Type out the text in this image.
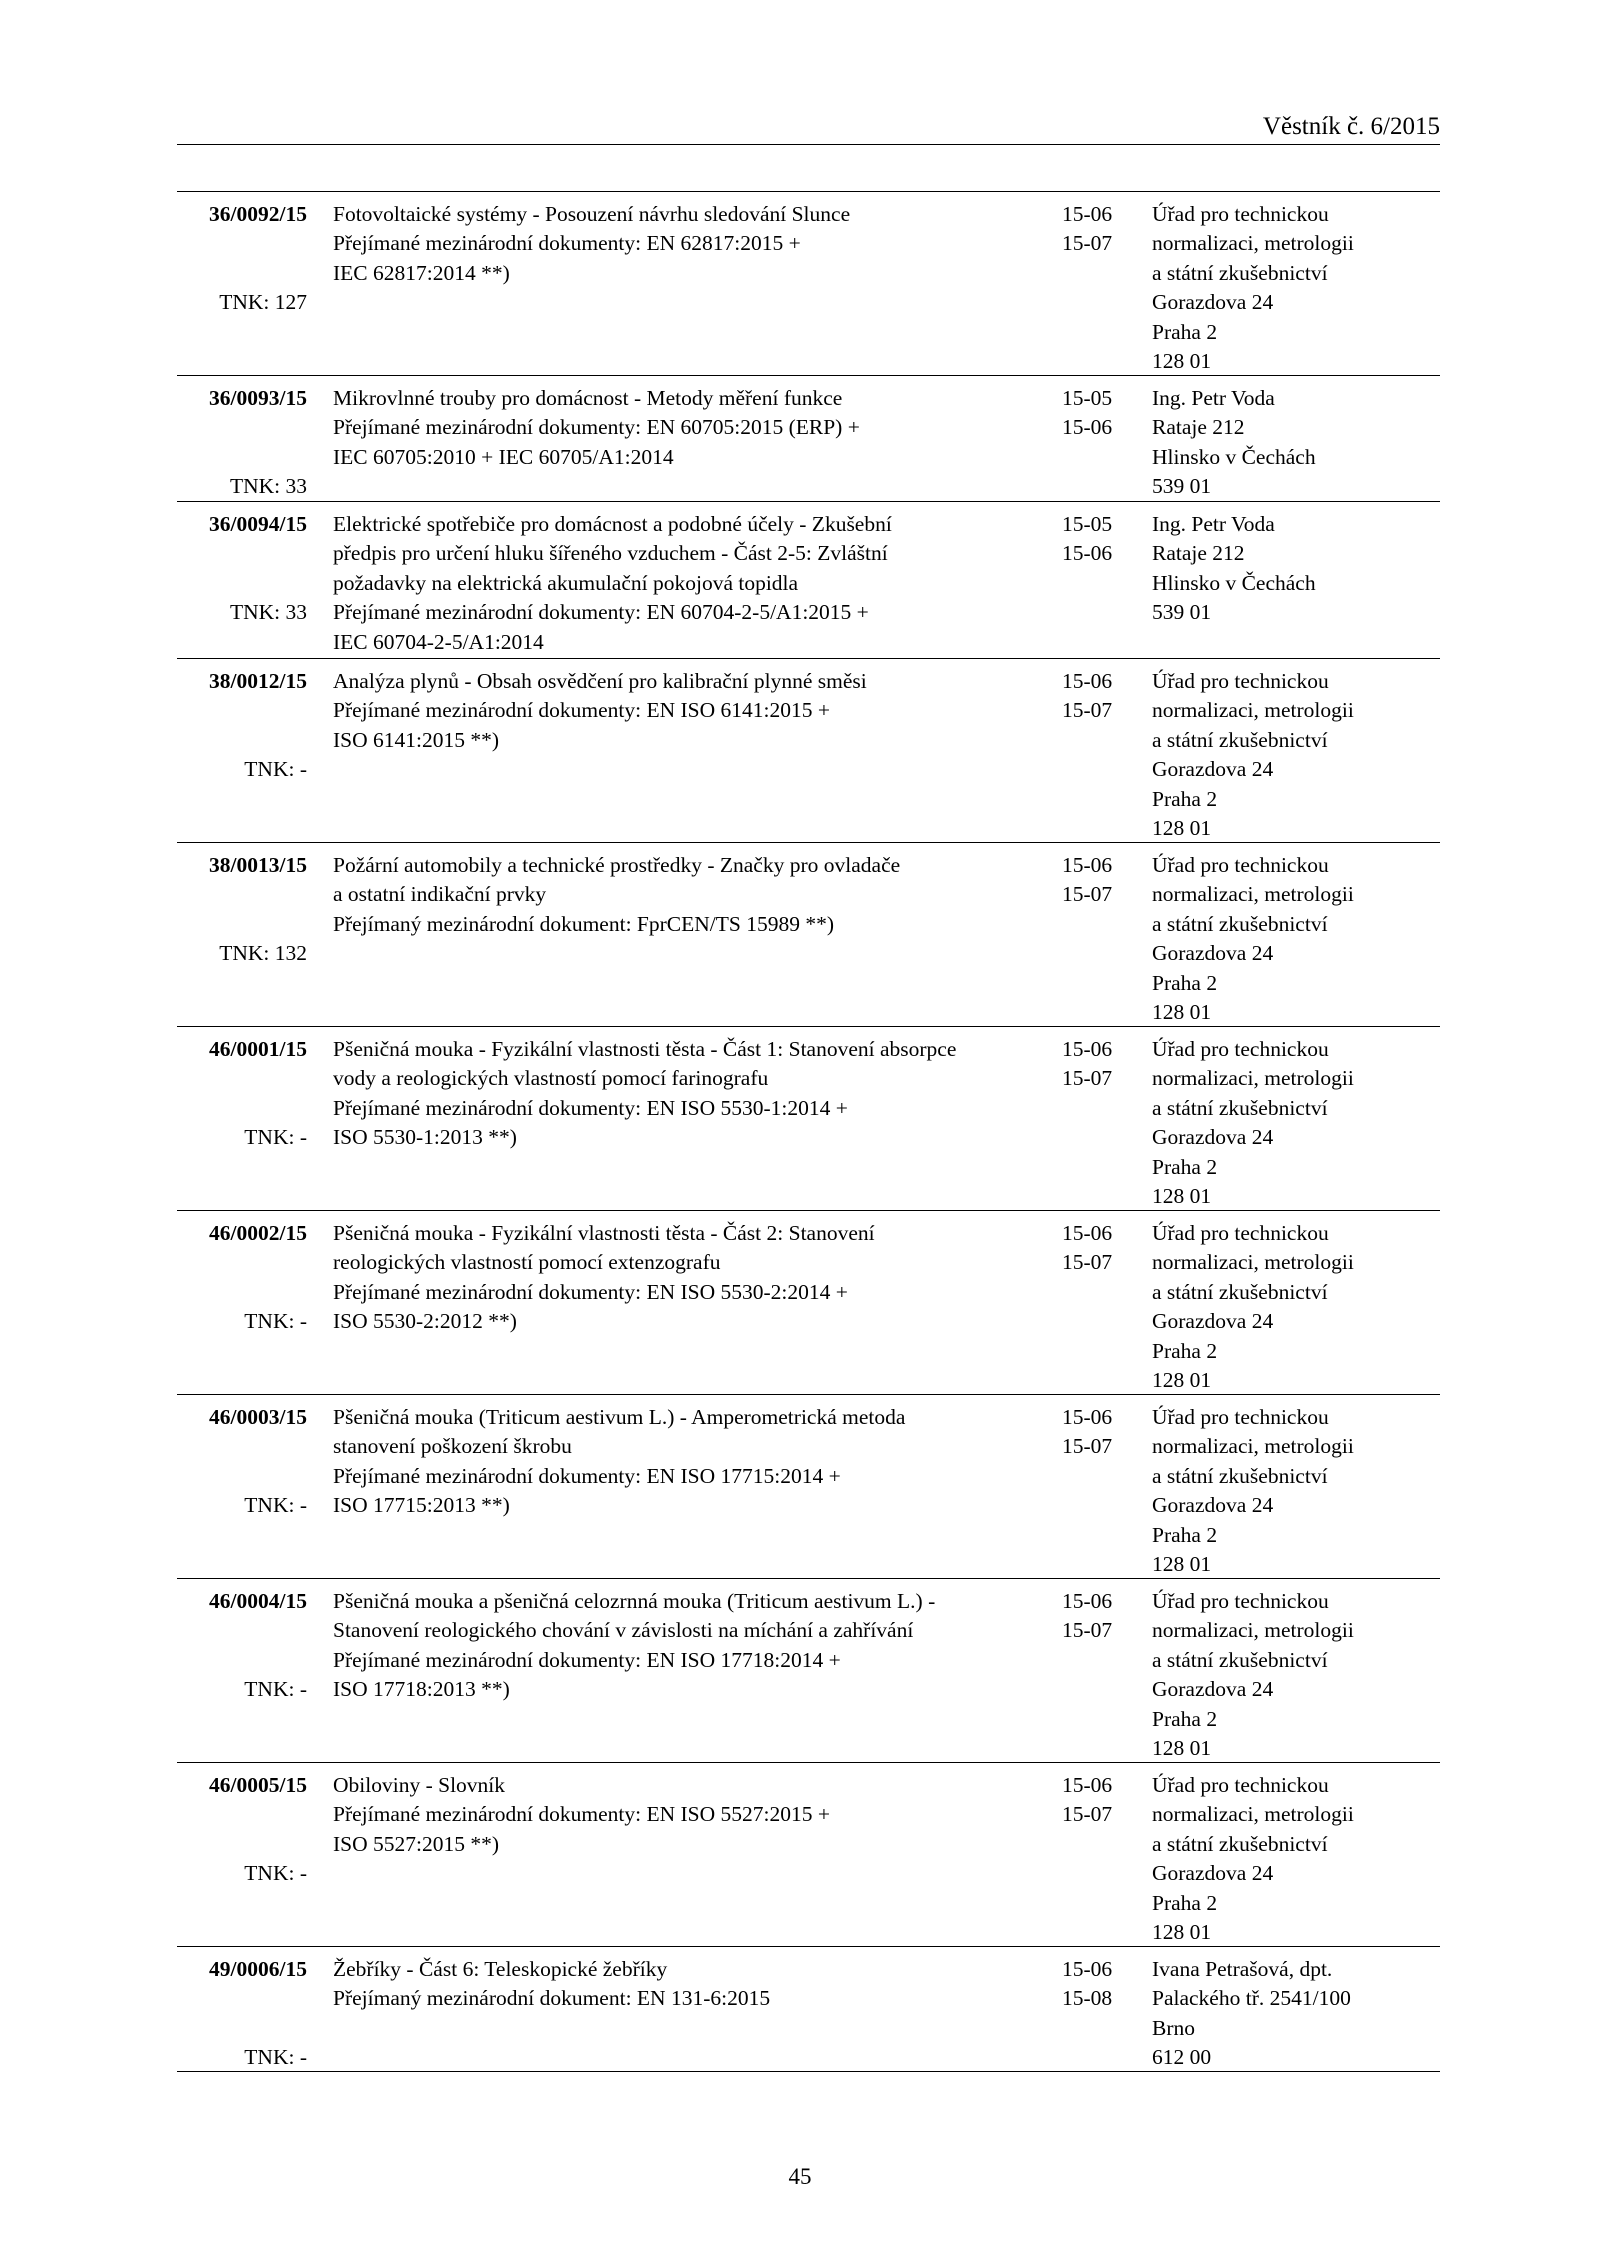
Věstník č. 6/2015
36/0092/15
TNK: 127
Fotovoltaické systémy - Posouzení návrhu sledování Slunce
Přejímané mezinárodní dokumenty: EN 62817:2015 +
IEC 62817:2014 **)
15-06
15-07
Úřad pro technickou
normalizaci, metrologii
a státní zkušebnictví
Gorazdova 24
Praha 2
128 01
36/0093/15
TNK: 33
Mikrovlnné trouby pro domácnost - Metody měření funkce
Přejímané mezinárodní dokumenty: EN 60705:2015 (ERP) +
IEC 60705:2010 + IEC 60705/A1:2014
15-05
15-06
Ing. Petr Voda
Rataje 212
Hlinsko v Čechách
539 01
36/0094/15
TNK: 33
Elektrické spotřebiče pro domácnost a podobné účely - Zkušební
předpis pro určení hluku šířeného vzduchem - Část 2-5: Zvláštní
požadavky na elektrická akumulační pokojová topidla
Přejímané mezinárodní dokumenty: EN 60704-2-5/A1:2015 +
IEC 60704-2-5/A1:2014
15-05
15-06
Ing. Petr Voda
Rataje 212
Hlinsko v Čechách
539 01
38/0012/15
TNK: -
Analýza plynů - Obsah osvědčení pro kalibrační plynné směsi
Přejímané mezinárodní dokumenty: EN ISO 6141:2015 +
ISO 6141:2015 **)
15-06
15-07
Úřad pro technickou
normalizaci, metrologii
a státní zkušebnictví
Gorazdova 24
Praha 2
128 01
38/0013/15
TNK: 132
Požární automobily a technické prostředky - Značky pro ovladače
a ostatní indikační prvky
Přejímaný mezinárodní dokument: FprCEN/TS 15989 **)
15-06
15-07
Úřad pro technickou
normalizaci, metrologii
a státní zkušebnictví
Gorazdova 24
Praha 2
128 01
46/0001/15
TNK: -
Pšeničná mouka - Fyzikální vlastnosti těsta - Část 1: Stanovení absorpce
vody a reologických vlastností pomocí farinografu
Přejímané mezinárodní dokumenty: EN ISO 5530-1:2014 +
ISO 5530-1:2013 **)
15-06
15-07
Úřad pro technickou
normalizaci, metrologii
a státní zkušebnictví
Gorazdova 24
Praha 2
128 01
46/0002/15
TNK: -
Pšeničná mouka - Fyzikální vlastnosti těsta - Část 2: Stanovení
reologických vlastností pomocí extenzografu
Přejímané mezinárodní dokumenty: EN ISO 5530-2:2014 +
ISO 5530-2:2012 **)
15-06
15-07
Úřad pro technickou
normalizaci, metrologii
a státní zkušebnictví
Gorazdova 24
Praha 2
128 01
46/0003/15
TNK: -
Pšeničná mouka (Triticum aestivum L.) - Amperometrická metoda
stanovení poškození škrobu
Přejímané mezinárodní dokumenty: EN ISO 17715:2014 +
ISO 17715:2013 **)
15-06
15-07
Úřad pro technickou
normalizaci, metrologii
a státní zkušebnictví
Gorazdova 24
Praha 2
128 01
46/0004/15
TNK: -
Pšeničná mouka a pšeničná celozrnná mouka (Triticum aestivum L.) -
Stanovení reologického chování v závislosti na míchání a zahřívání
Přejímané mezinárodní dokumenty: EN ISO 17718:2014 +
ISO 17718:2013 **)
15-06
15-07
Úřad pro technickou
normalizaci, metrologii
a státní zkušebnictví
Gorazdova 24
Praha 2
128 01
46/0005/15
TNK: -
Obiloviny - Slovník
Přejímané mezinárodní dokumenty: EN ISO 5527:2015 +
ISO 5527:2015 **)
15-06
15-07
Úřad pro technickou
normalizaci, metrologii
a státní zkušebnictví
Gorazdova 24
Praha 2
128 01
49/0006/15
TNK: -
Žebříky - Část 6: Teleskopické žebříky
Přejímaný mezinárodní dokument: EN 131-6:2015
15-06
15-08
Ivana Petrašová, dpt.
Palackého tř. 2541/100
Brno
612 00
45
